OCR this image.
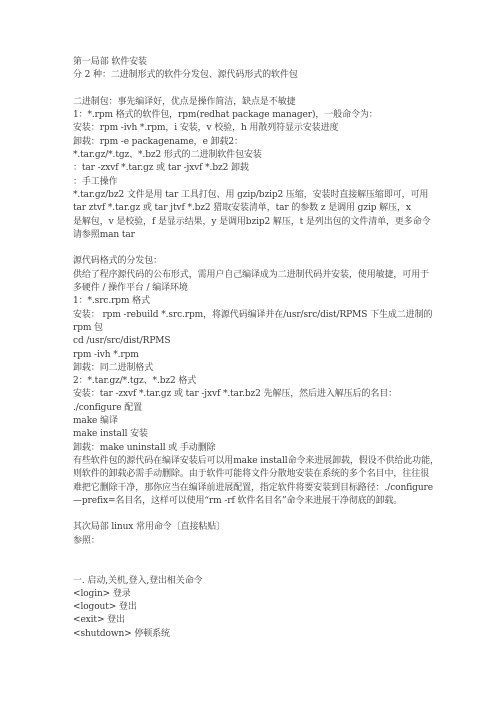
第一局部 软件安装
分 2 种：二进制形式的软件分发包、源代码形式的软件包
二进制包：事先编译好，优点是操作简洁，缺点是不敏捷
1：*.rpm 格式的软件包，rpm(redhat package manager)，一般命令为：
安装：rpm -ivh *.rpm，i 安装，v 校验，h 用散列符显示安装进度
卸载：rpm -e packagename，e 卸载2：
*.tar.gz/*.tgz、*.bz2 形式的二进制软件包安装
：tar -zxvf *.tar.gz 或 tar -jxvf *.bz2 卸载
：手工操作
*.tar.gz/bz2 文件是用 tar 工具打包、用 gzip/bzip2 压缩，安装时直接解压缩即可，可用
tar ztvf *.tar.gz 或 tar jtvf *.bz2 猎取安装清单，tar 的参数 z 是调用 gzip 解压，x
是解包，v 是校验，f 是显示结果，y 是调用bzip2 解压，t 是列出包的文件清单，更多命令
请参照man tar
源代码格式的分发包：
供给了程序源代码的公布形式，需用户自己编译成为二进制代码并安装，使用敏捷，可用于
多硬件 / 操作平台 / 编译环境
1：*.src.rpm 格式
安装： rpm -rebuild *.src.rpm，将源代码编译并在/usr/src/dist/RPMS 下生成二进制的
rpm 包
cd /usr/src/dist/RPMS
rpm -ivh *.rpm
卸载：同二进制格式
2：*.tar.gz/*.tgz、*.bz2 格式
安装：tar -zxvf *.tar.gz 或 tar -jxvf *.tar.bz2 先解压，然后进入解压后的名目：
./configure 配置
make 编译
make install 安装
卸载：make uninstall 或 手动删除
有些软件包的源代码在编译安装后可以用make install命令来进展卸载，假设不供给此功能，
则软件的卸载必需手动删除。由于软件可能将文件分散地安装在系统的多个名目中，往往很
难把它删除干净，那你应当在编译前进展配置，指定软件将要安装到目标路径：./configure
—prefix=名目名，这样可以使用“rm -rf 软件名目名”命令来进展干净彻底的卸载。
其次局部 linux 常用命令〔直接粘贴〕
参照：
一. 启动,关机,登入,登出相关命令
<login> 登录
<logout> 登出
<exit> 登出
<shutdown> 停顿系统
